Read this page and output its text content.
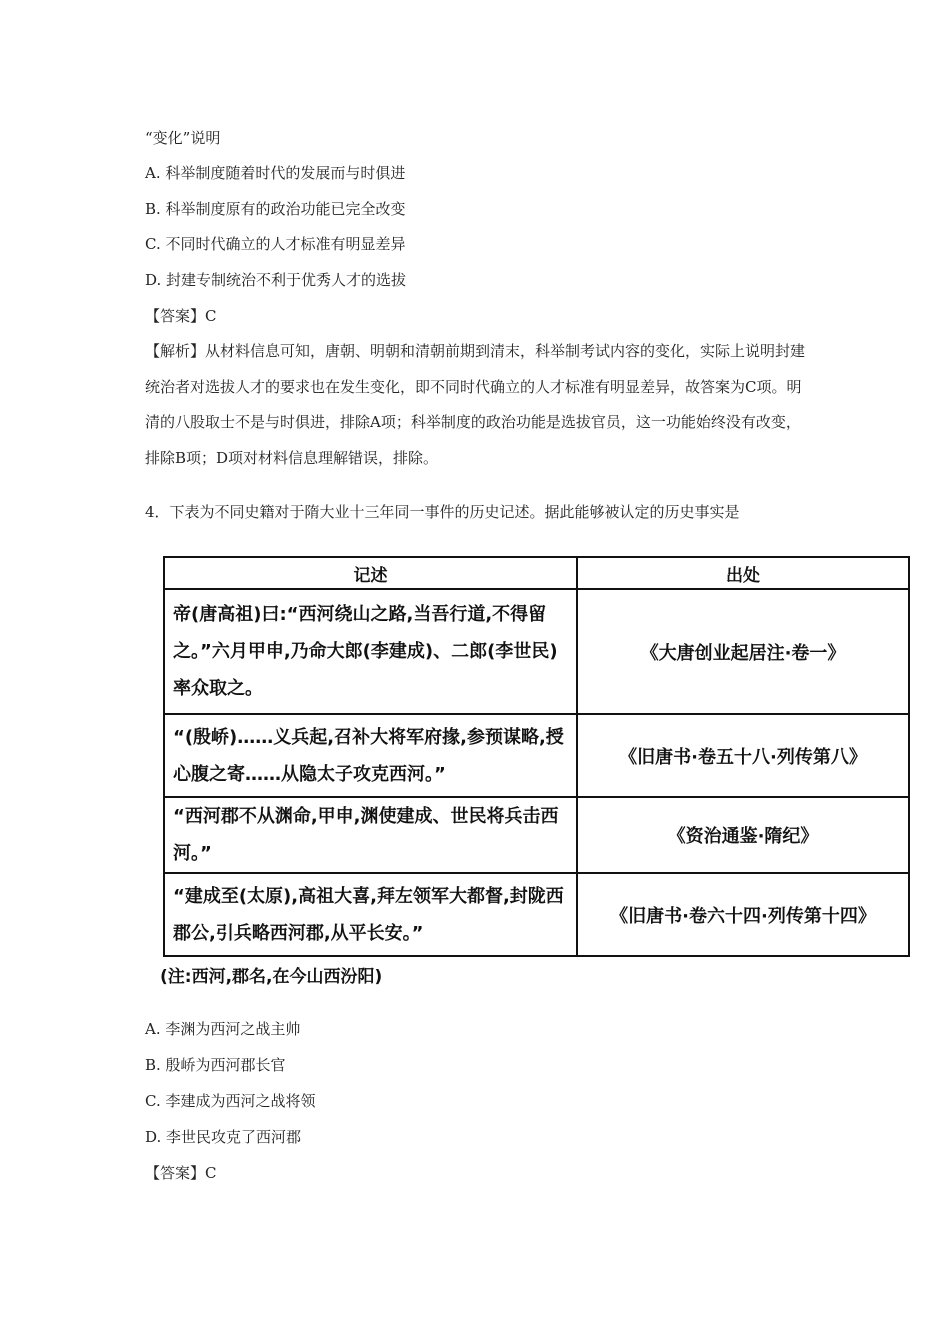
“变化”说明
A. 科举制度随着时代的发展而与时俱进
B. 科举制度原有的政治功能已完全改变
C. 不同时代确立的人才标准有明显差异
D. 封建专制统治不利于优秀人才的选拔
【答案】C
【解析】从材料信息可知，唐朝、明朝和清朝前期到清末，科举制考试内容的变化，实际上说明封建统治者对选拔人才的要求也在发生变化，即不同时代确立的人才标准有明显差异，故答案为C项。明清的八股取士不是与时俱进，排除A项；科举制度的政治功能是选拔官员，这一功能始终没有改变，排除B项；D项对材料信息理解错误，排除。
4．下表为不同史籍对于隋大业十三年同一事件的历史记述。据此能够被认定的历史事实是
记述	出处
帝(唐高祖)曰:“西河绕山之路,当吾行道,不得留之。”六月甲申,乃命大郎(李建成)、二郎(李世民)率众取之。	《大唐创业起居注·卷一》
“(殷峤)……义兵起,召补大将军府掾,参预谋略,授心腹之寄……从隐太子攻克西河。”	《旧唐书·卷五十八·列传第八》
“西河郡不从渊命,甲申,渊使建成、世民将兵击西河。”	《资治通鉴·隋纪》
“建成至(太原),高祖大喜,拜左领军大都督,封陇西郡公,引兵略西河郡,从平长安。”	《旧唐书·卷六十四·列传第十四》
(注:西河,郡名,在今山西汾阳)
A. 李渊为西河之战主帅
B. 殷峤为西河郡长官
C. 李建成为西河之战将领
D. 李世民攻克了西河郡
【答案】C
